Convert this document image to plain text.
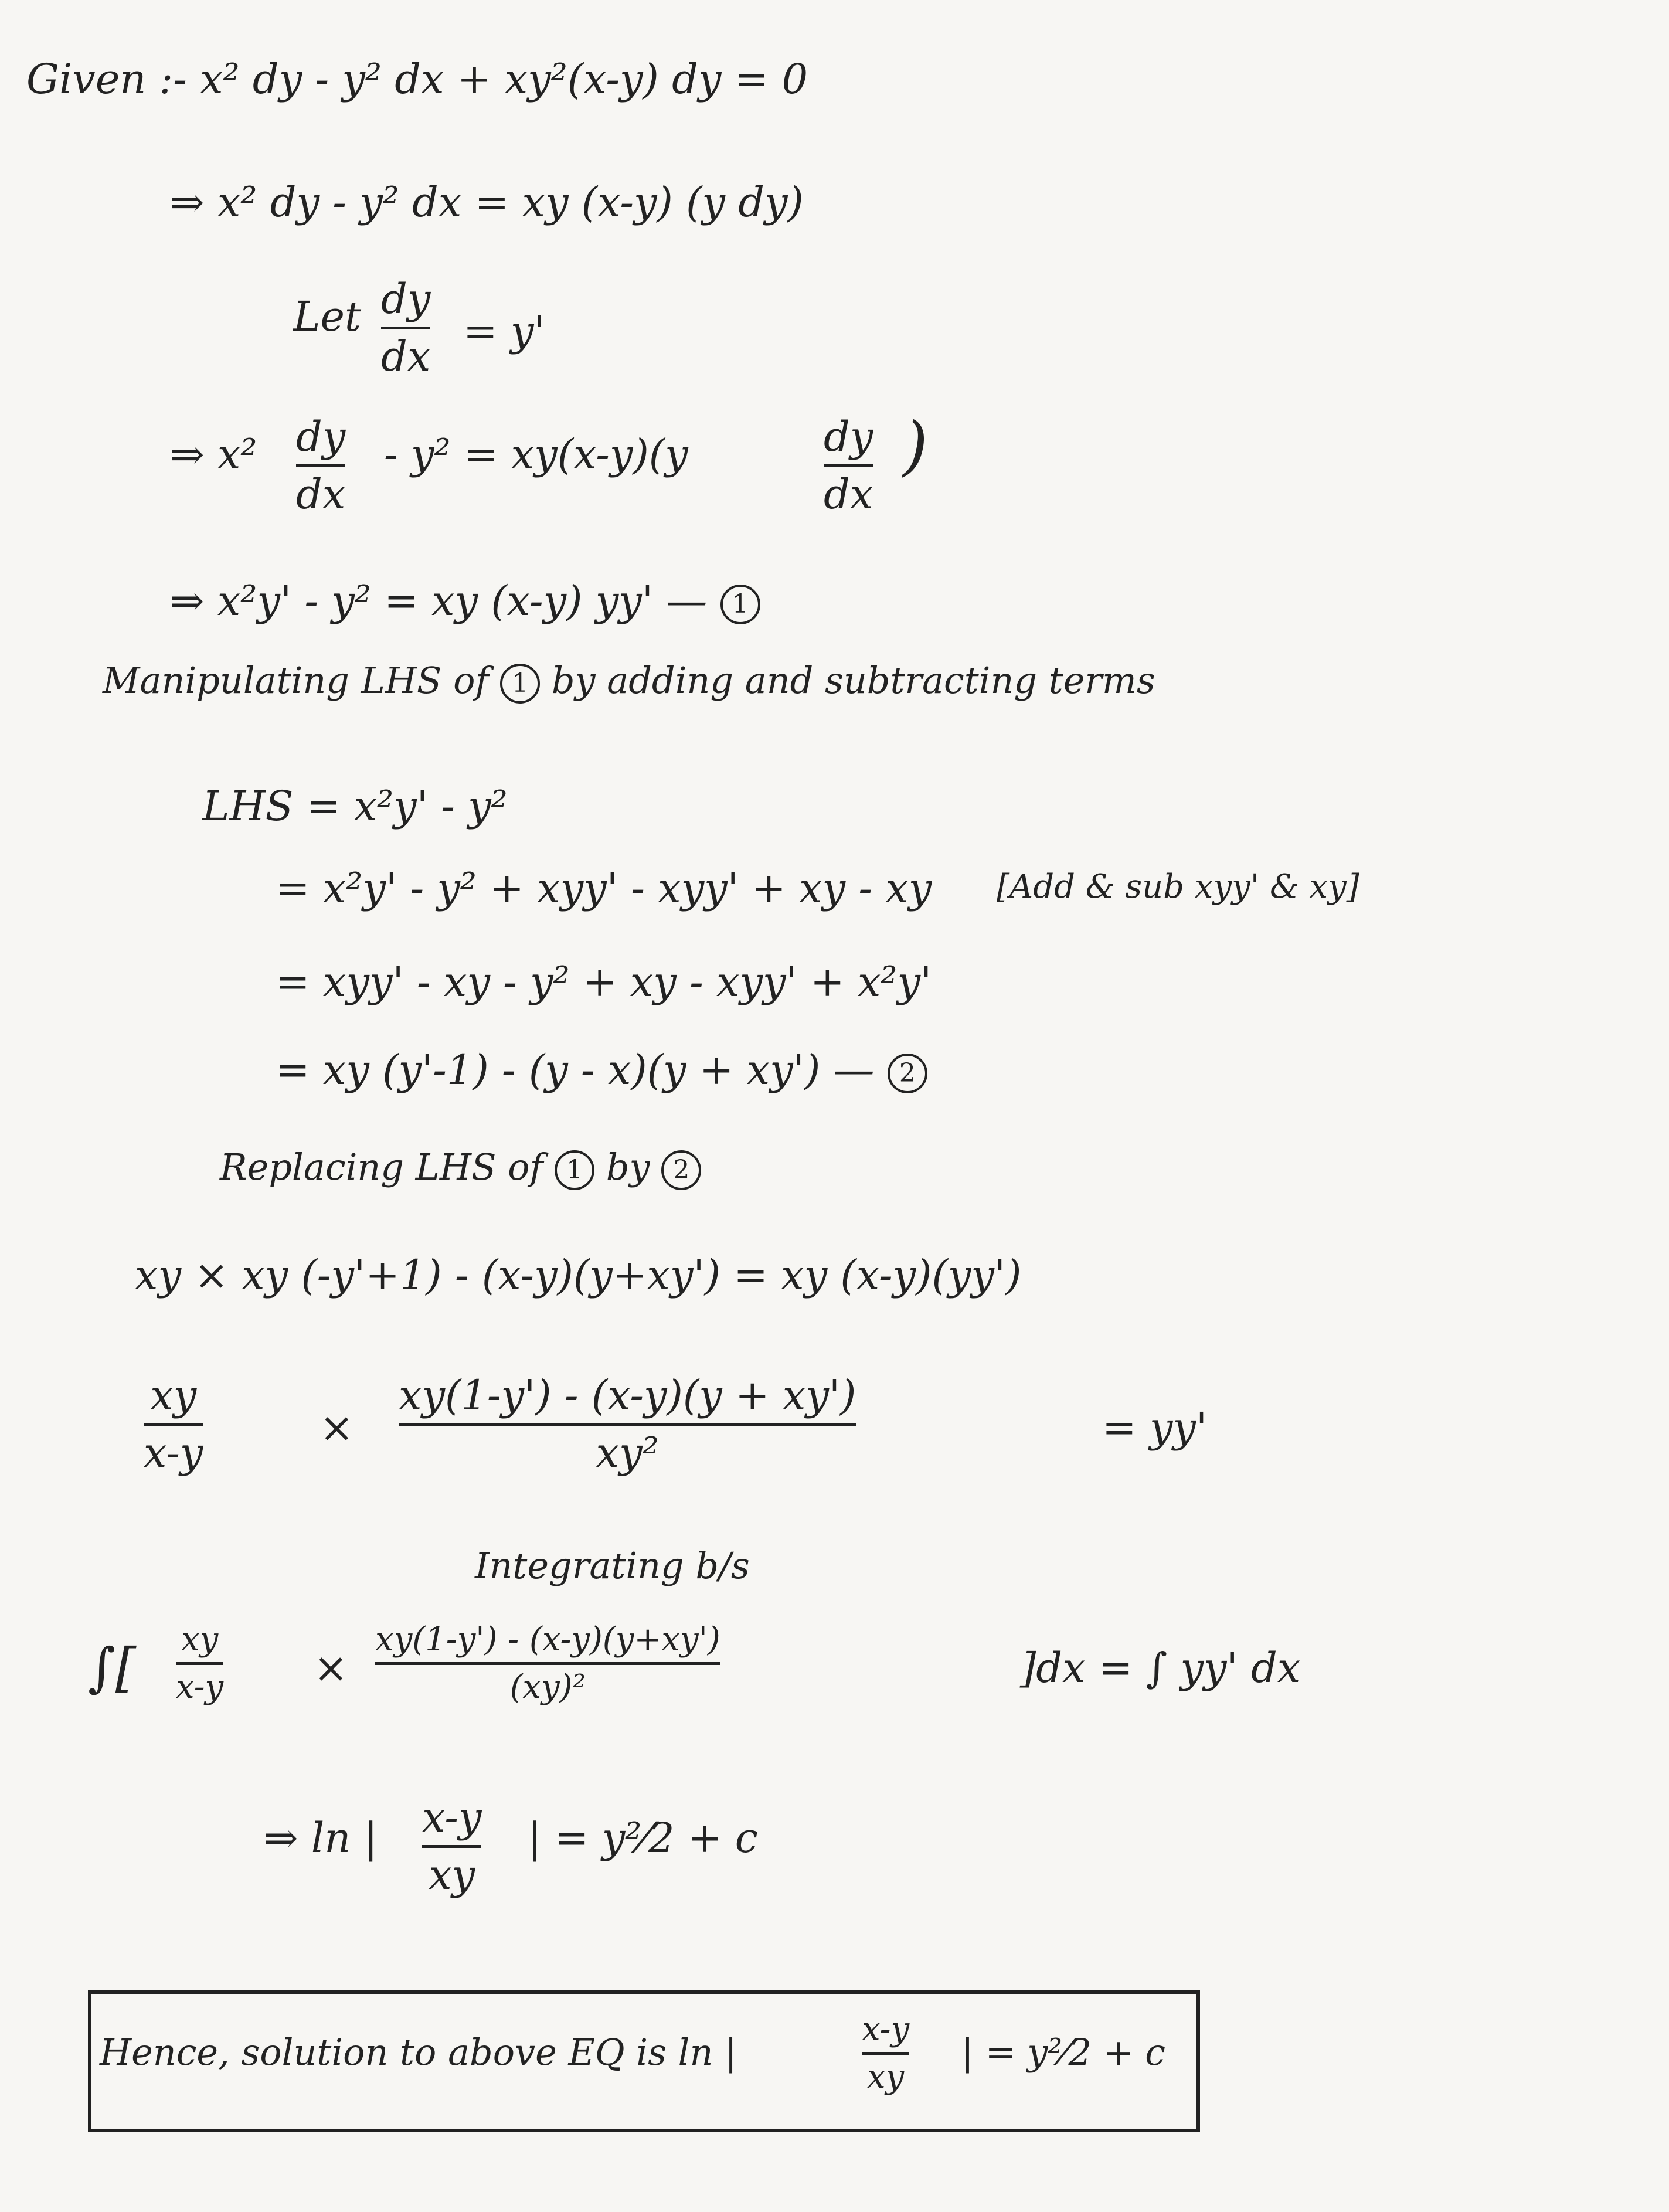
Given :- x² dy - y² dx + xy²(x-y) dy = 0
⇒ x² dy - y² dx = xy (x-y) (y dy)
Let dy
dx
= y'
⇒ x² dy
dx
- y² = xy(x-y)(y	dy
dx
)
⇒ x²y' - y² = xy (x-y) yy' — 1
Manipulating LHS of 1 by adding and subtracting terms
LHS = x²y' - y²
= x²y' - y² + xyy' - xyy' + xy - xy [Add & sub xyy' & xy]
= xyy' - xy - y² + xy - xyy' + x²y'
= xy (y'-1) - (y - x)(y + xy') — 2
Replacing LHS of 1 by 2
xy × xy (-y'+1) - (x-y)(y+xy') = xy (x-y)(yy')
xy
x-y
×
xy(1-y') - (x-y)(y + xy')
xy²
= yy'
Integrating b/s
∫[ xy
x-y ×
xy(1-y') - (x-y)(y+xy')
(xy)²	]dx = ∫ yy' dx
⇒ ln | x-y
xy
| = y²⁄2 + c
Hence, solution to above EQ is ln |
x-y
xy
| = y²⁄2 + c
